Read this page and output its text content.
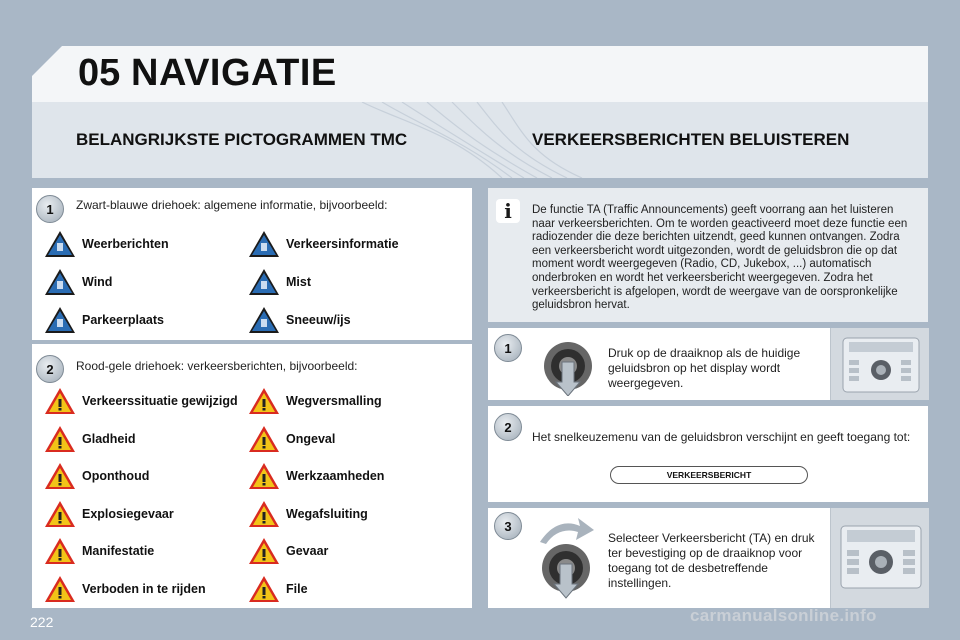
05 NAVIGATIE
BELANGRIJKSTE PICTOGRAMMEN TMC	VERKEERSBERICHTEN BELUISTEREN
1	Zwart-blauwe driehoek: algemene informatie, bijvoorbeeld:
2	Rood-gele driehoek: verkeersberichten, bijvoorbeeld:
Weerberichten	Verkeersinformatie
Wind	Mist
Parkeerplaats	Sneeuw/ijs
Verkeerssituatie gewijzigd	Wegversmalling
Gladheid	Ongeval
Oponthoud	Werkzaamheden
Explosiegevaar	Wegafsluiting
Manifestatie	Gevaar
Verboden in te rijden	File
i	De functie TA (Traffic Announcements) geeft voorrang aan het luisteren naar verkeersberichten. Om te worden geactiveerd moet deze functie een radiozender die deze berichten uitzendt, geed kunnen ontvangen. Zodra een verkeersbericht wordt uitgezonden, wordt de geluidsbron die op dat moment wordt weergegeven (Radio, CD, Jukebox, ...) automatisch onderbroken en wordt het verkeersbericht weergegeven. Zodra het verkeersbericht is afgelopen, wordt de weergave van de oorspronkelijke geluidsbron hervat.
1	Druk op de draaiknop als de huidige geluidsbron op het display wordt weergegeven.
2
Het snelkeuzemenu van de geluidsbron verschijnt en geeft toegang tot:
VERKEERSBERICHT
3
Selecteer Verkeersbericht (TA) en druk ter bevestiging op de draaiknop voor toegang tot de desbetreffende instellingen.
222	carmanualsonline.info
